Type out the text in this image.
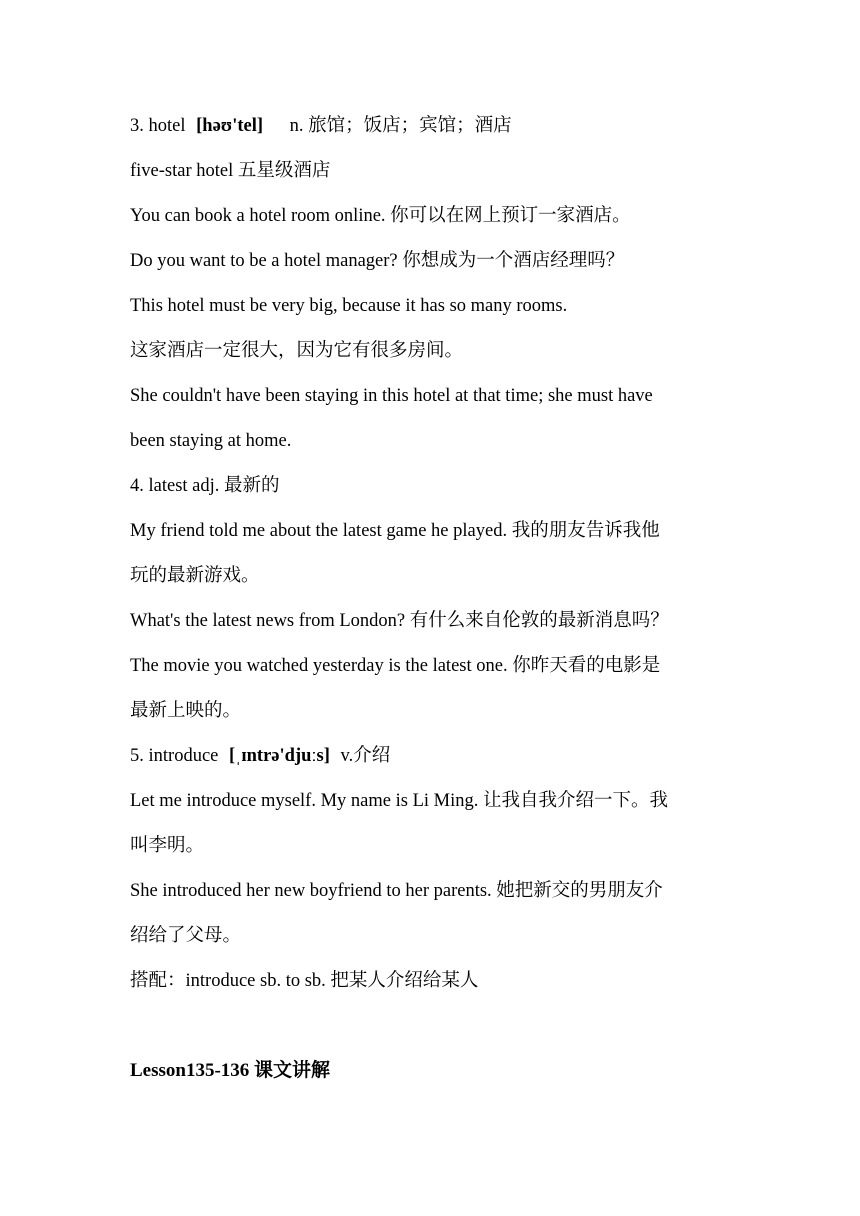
3. hotel [həʊ'tel] n. 旅馆；饭店；宾馆；酒店
five-star hotel 五星级酒店
You can book a hotel room online. 你可以在网上预订一家酒店。
Do you want to be a hotel manager? 你想成为一个酒店经理吗？
This hotel must be very big, because it has so many rooms.
这家酒店一定很大，因为它有很多房间。
She couldn't have been staying in this hotel at that time; she must have
been staying at home.
4. latest adj. 最新的
My friend told me about the latest game he played. 我的朋友告诉我他
玩的最新游戏。
What's the latest news from London? 有什么来自伦敦的最新消息吗？
The movie you watched yesterday is the latest one. 你昨天看的电影是
最新上映的。
5. introduce [ˌɪntrə'djuːs] v.介绍
Let me introduce myself. My name is Li Ming. 让我自我介绍一下。我
叫李明。
She introduced her new boyfriend to her parents. 她把新交的男朋友介
绍给了父母。
搭配：introduce sb. to sb. 把某人介绍给某人
Lesson135-136 课文讲解
